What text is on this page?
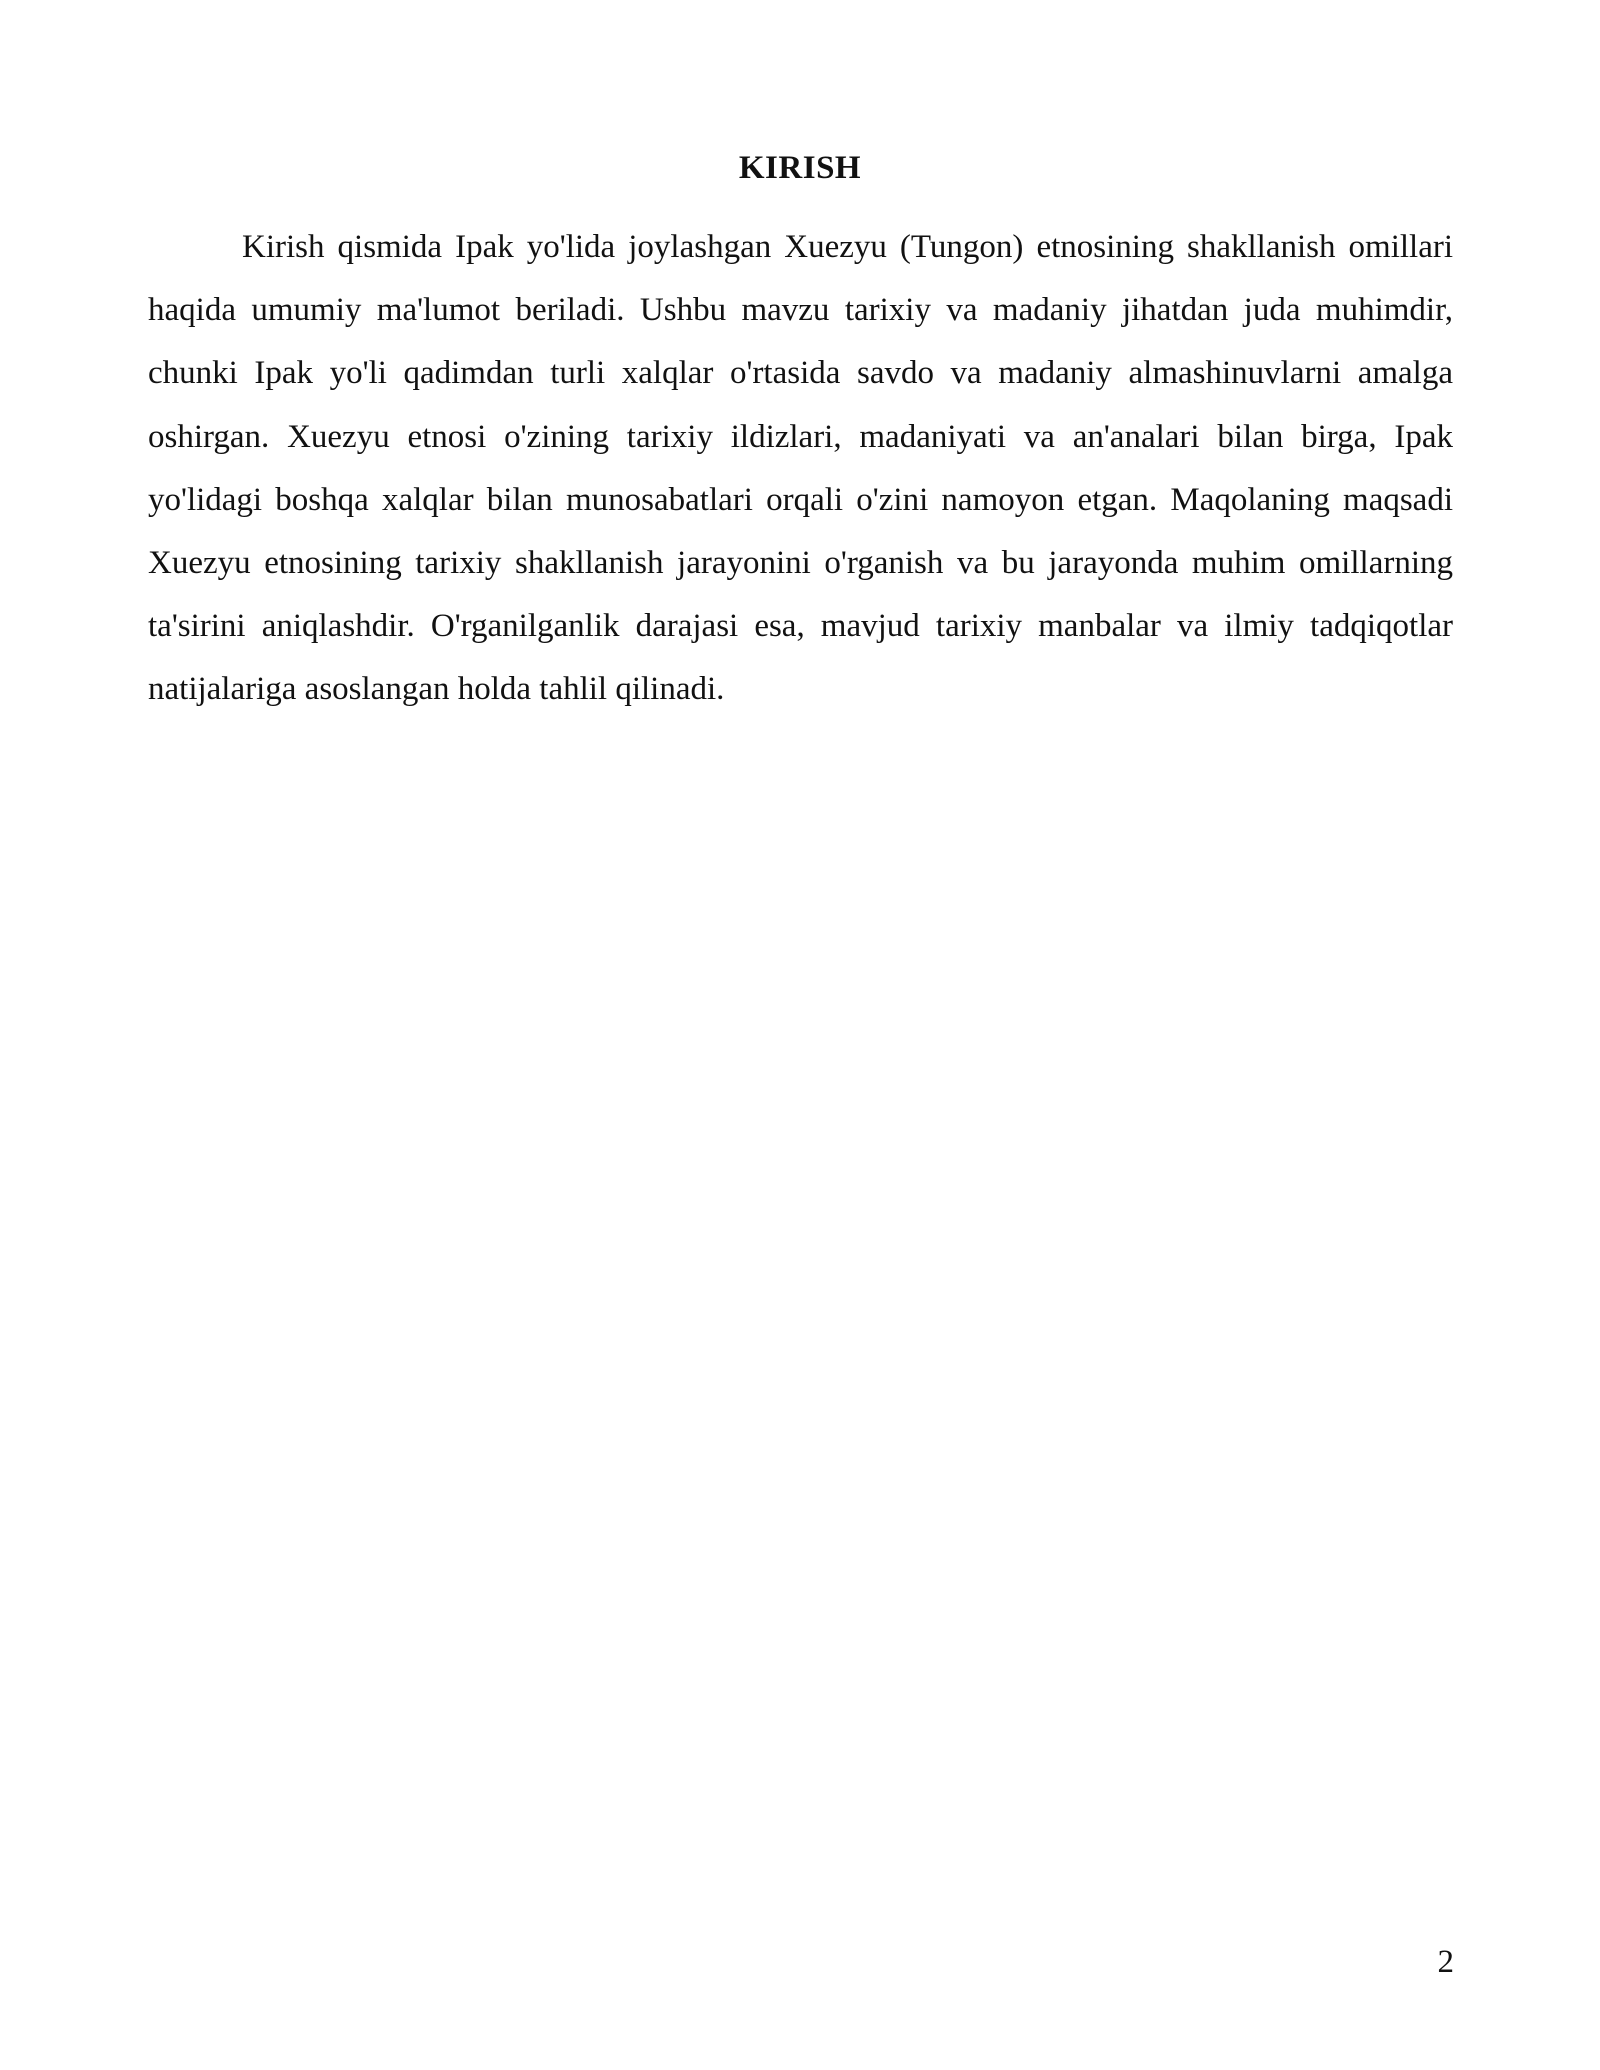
KIRISH

Kirish qismida Ipak yo'lida joylashgan Xuezyu (Tungon) etnosining shakllanish omillari haqida umumiy ma'lumot beriladi. Ushbu mavzu tarixiy va madaniy jihatdan juda muhimdir, chunki Ipak yo'li qadimdan turli xalqlar o'rtasida savdo va madaniy almashinuvlarni amalga oshirgan. Xuezyu etnosi o'zining tarixiy ildizlari, madaniyati va an'analari bilan birga, Ipak yo'lidagi boshqa xalqlar bilan munosabatlari orqali o'zini namoyon etgan. Maqolaning maqsadi Xuezyu etnosining tarixiy shakllanish jarayonini o'rganish va bu jarayonda muhim omillarning ta'sirini aniqlashdir. O'rganilganlik darajasi esa, mavjud tarixiy manbalar va ilmiy tadqiqotlar natijalariga asoslangan holda tahlil qilinadi.

2
